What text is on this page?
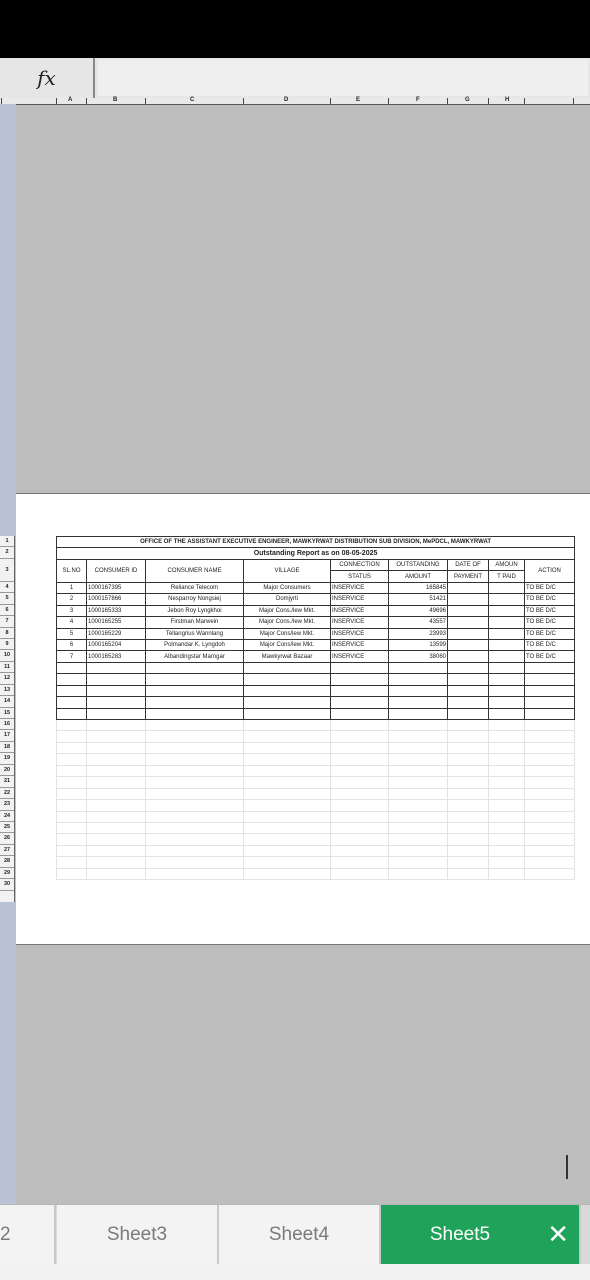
fx
A	B	C	D	E	F	G	H
1
2
3
4
5
6
7
8
9
10
11
12
13
14
15
16
17
18
19
20
21
22
23
24
25
26
27
28
29
30
OFFICE OF THE ASSISTANT EXECUTIVE ENGINEER, MAWKYRWAT DISTRIBUTION SUB DIVISION, MePDCL, MAWKYRWAT								
Outstanding Report as on 08-05-2025								
SL.NO	CONSUMER ID	CONSUMER NAME	VILLAGE	CONNECTION	OUTSTANDING	DATE OF	AMOUN	ACTION
				STATUS	AMOUNT	PAYMENT	T PAID	
1	1000167395	Reliance Telecom	Major Consumers	INSERVICE	165845			TO BE D/C
2	1000157866	Nesparroy Nongsiej	Domjyrti	INSERVICE	51421			TO BE D/C
3	1000165333	Jebon Roy Lyngkhoi	Major Cons./lew Mkt.	INSERVICE	49696			TO BE D/C
4	1000165255	Firstman Marwein	Major Cons./lew Mkt.	INSERVICE	43557			TO BE D/C
5	1000165229	Tellangrius Wannlang	Major Cons/lew Mkt.	INSERVICE	23993			TO BE D/C
6	1000165204	Polmandar K. Lyngdoh	Major Cons/lew Mkt.	INSERVICE	13599			TO BE D/C
7	1000165283	Albandingstar Marngar	Mawkyrwat Bazaar	INSERVICE	38060			TO BE D/C

2	Sheet3	Sheet4	Sheet5 ✕
